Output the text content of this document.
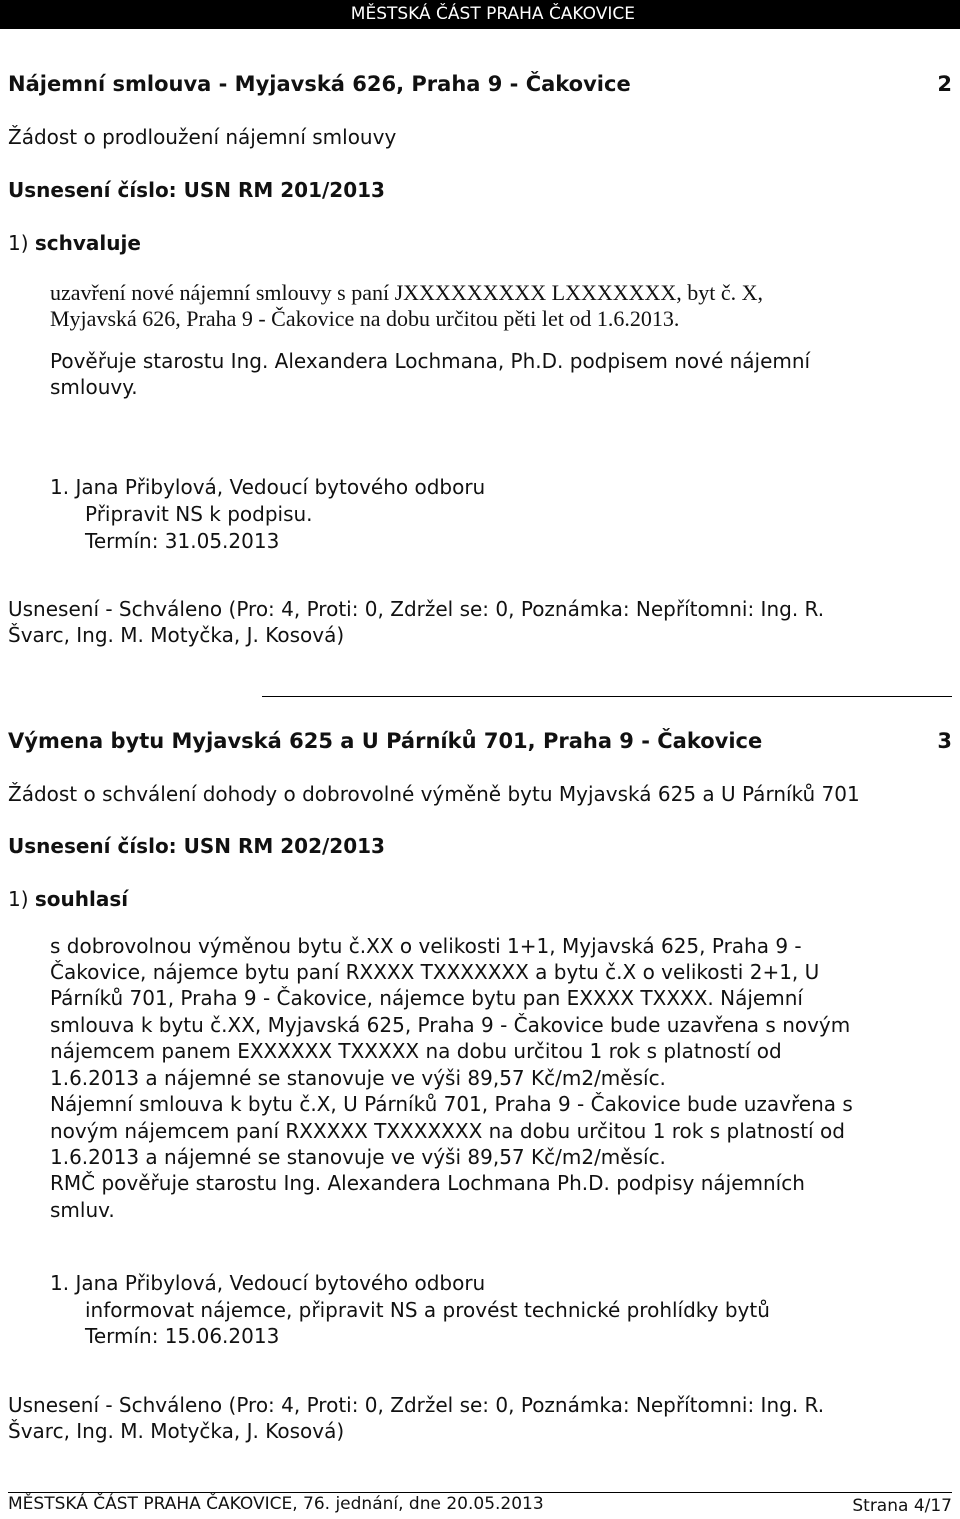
MĚSTSKÁ ČÁST PRAHA ČAKOVICE
Nájemní smlouva - Myjavská 626, Praha 9 - Čakovice	2
Žádost o prodloužení nájemní smlouvy
Usnesení číslo: USN RM 201/2013
1) schvaluje
uzavření nové nájemní smlouvy s paní JXXXXXXXXX LXXXXXXX, byt č. X,
Myjavská 626, Praha 9 - Čakovice na dobu určitou pěti let od 1.6.2013.
Pověřuje starostu Ing. Alexandera Lochmana, Ph.D. podpisem nové nájemní
smlouvy.
1. Jana Přibylová, Vedoucí bytového odboru
Připravit NS k podpisu.
Termín: 31.05.2013
Usnesení - Schváleno (Pro: 4, Proti: 0, Zdržel se: 0, Poznámka: Nepřítomni: Ing. R.
Švarc, Ing. M. Motyčka, J. Kosová)
Výmena bytu Myjavská 625 a U Párníků 701, Praha 9 - Čakovice	3
Žádost o schválení dohody o dobrovolné výměně bytu Myjavská 625 a U Párníků 701
Usnesení číslo: USN RM 202/2013
1) souhlasí
s dobrovolnou výměnou bytu č.XX o velikosti 1+1, Myjavská 625, Praha 9 -
Čakovice, nájemce bytu paní RXXXX TXXXXXXX a bytu č.X o velikosti 2+1, U
Párníků 701, Praha 9 - Čakovice, nájemce bytu pan EXXXX TXXXX. Nájemní
smlouva k bytu č.XX, Myjavská 625, Praha 9 - Čakovice bude uzavřena s novým
nájemcem panem EXXXXXX TXXXXX na dobu určitou 1 rok s platností od
1.6.2013 a nájemné se stanovuje ve výši 89,57 Kč/m2/měsíc.
Nájemní smlouva k bytu č.X, U Párníků 701, Praha 9 - Čakovice bude uzavřena s
novým nájemcem paní RXXXXX TXXXXXXX na dobu určitou 1 rok s platností od
1.6.2013 a nájemné se stanovuje ve výši 89,57 Kč/m2/měsíc.
RMČ pověřuje starostu Ing. Alexandera Lochmana Ph.D. podpisy nájemních
smluv.
1. Jana Přibylová, Vedoucí bytového odboru
informovat nájemce, připravit NS a provést technické prohlídky bytů
Termín: 15.06.2013
Usnesení - Schváleno (Pro: 4, Proti: 0, Zdržel se: 0, Poznámka: Nepřítomni: Ing. R.
Švarc, Ing. M. Motyčka, J. Kosová)
MĚSTSKÁ ČÁST PRAHA ČAKOVICE, 76. jednání, dne 20.05.2013	Strana 4/17
